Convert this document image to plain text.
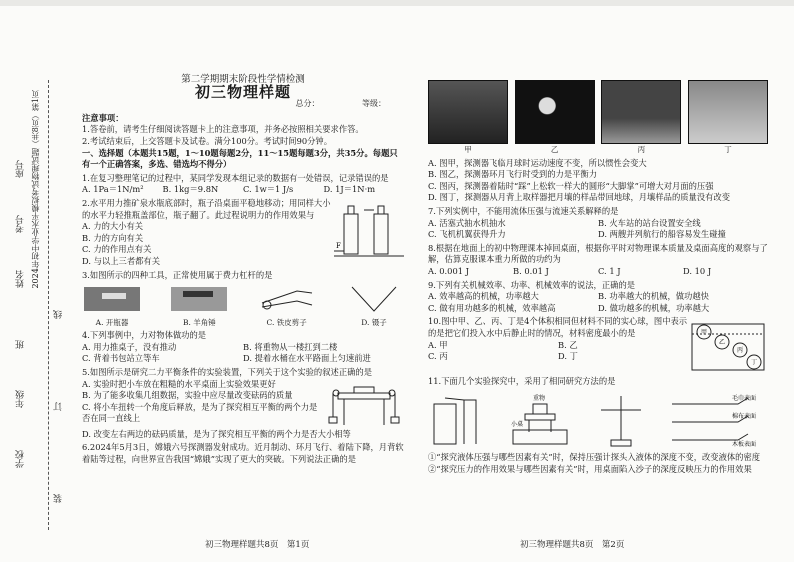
学校
年级
班
姓名
考号
座号 2024年初中学业水平模拟考试物理试题（共8页）第1页
装 订 线
第二学期期末阶段性学情检测
初三物理样题
总分：	等级：
注意事项：
1.答卷前，请考生仔细阅读答题卡上的注意事项，并务必按照相关要求作答。
2.考试结束后，上交答题卡及试卷。满分100分。考试时间90分钟。
一、选择题（本题共15题，1～10题每题2分，11～15题每题3分，共35分。每题只有一个正确答案，多选、错选均不得分）
1.在复习整理笔记的过程中，某同学发现本组记录的数据有一处错误，记录错误的是
A. 1Pa＝1N/m²	B. 1kg＝9.8N	C. 1w＝1 J/s	D. 1J＝1N·m
2.水平用力推矿泉水瓶底部时，瓶子沿桌面平稳地移动；用同样大小的水平力轻推瓶盖部位，瓶子翻了。此过程说明力的作用效果与
A. 力的大小有关
B. 力的方向有关
C. 力的作用点有关
D. 与以上三者都有关
F
3.如图所示的四种工具，正常使用属于费力杠杆的是
A. 开瓶器	B. 羊角锤	C. 铁皮剪子	D. 镊子
4.下列事例中，力对物体做功的是
A. 用力推桌子，没有推动	B. 将重物从一楼扛到二楼
C. 背着书包站立等车	D. 提着水桶在水平路面上匀速前进
5.如图所示是研究二力平衡条件的实验装置，下列关于这个实验的叙述正确的是
A. 实验时把小车放在粗糙的水平桌面上实验效果更好
B. 为了能多收集几组数据，实验中应尽量改变砝码的质量
C. 将小车扭转一个角度后释放，是为了探究相互平衡的两个力是否在同一直线上
D. 改变左右两边的砝码质量，是为了探究相互平衡的两个力是否大小相等
6.2024年5月3日，嫦娥六号探测器发射成功。近月制动、环月飞行、着陆下降，月背软着陆等过程，向世界宣告我国“嫦娥”实现了更大的突破。下列说法正确的是
初三物理样题共8页　第1页
甲	乙	丙	丁
A. 图甲，探测器飞临月球时运动速度不变，所以惯性会变大
B. 图乙，探测器环月飞行时受到的力是平衡力
C. 图丙，探测器着陆时“踩”上松软一样大的圆形“大脚掌”可增大对月面的压强
D. 图丁，探测器从月背上取样器把月壤的样品带回地球，月壤样品的质量没有改变
7.下列实例中，不能用流体压强与流速关系解释的是
A. 活塞式抽水机抽水	B. 火车站的站台设置安全线
C. 飞机机翼获得升力	D. 两艘并列航行的船容易发生碰撞
8.根据在地面上的初中物理课本掉回桌面，根据你平时对物理课本质量及桌面高度的观察与了解，估算克服课本重力所做的功约为
A. 0.001 J	B. 0.01 J	C. 1 J	D. 10 J
9.下列有关机械效率、功率、机械效率的说法，正确的是
A. 效率越高的机械，功率越大	B. 功率越大的机械，做功越快
C. 做有用功越多的机械，效率越高	D. 做功越多的机械，功率越大
10.图中甲、乙、丙、丁是4个体积相同但材料不同的实心球，图中表示的是把它们投入水中后静止时的情况，材料密度最小的是
A. 甲	B. 乙
C. 丙	D. 丁
甲
乙
丙
丁
11.下面几个实验探究中，采用了相同研究方法的是
重物
小桌
毛巾表面
棉布表面
木板表面
①“探究液体压强与哪些因素有关”时，保持压强计探头入液体的深度不变，改变液体的密度
②“探究压力的作用效果与哪些因素有关”时，用桌面陷入沙子的深度反映压力的作用效果
初三物理样题共8页　第2页
